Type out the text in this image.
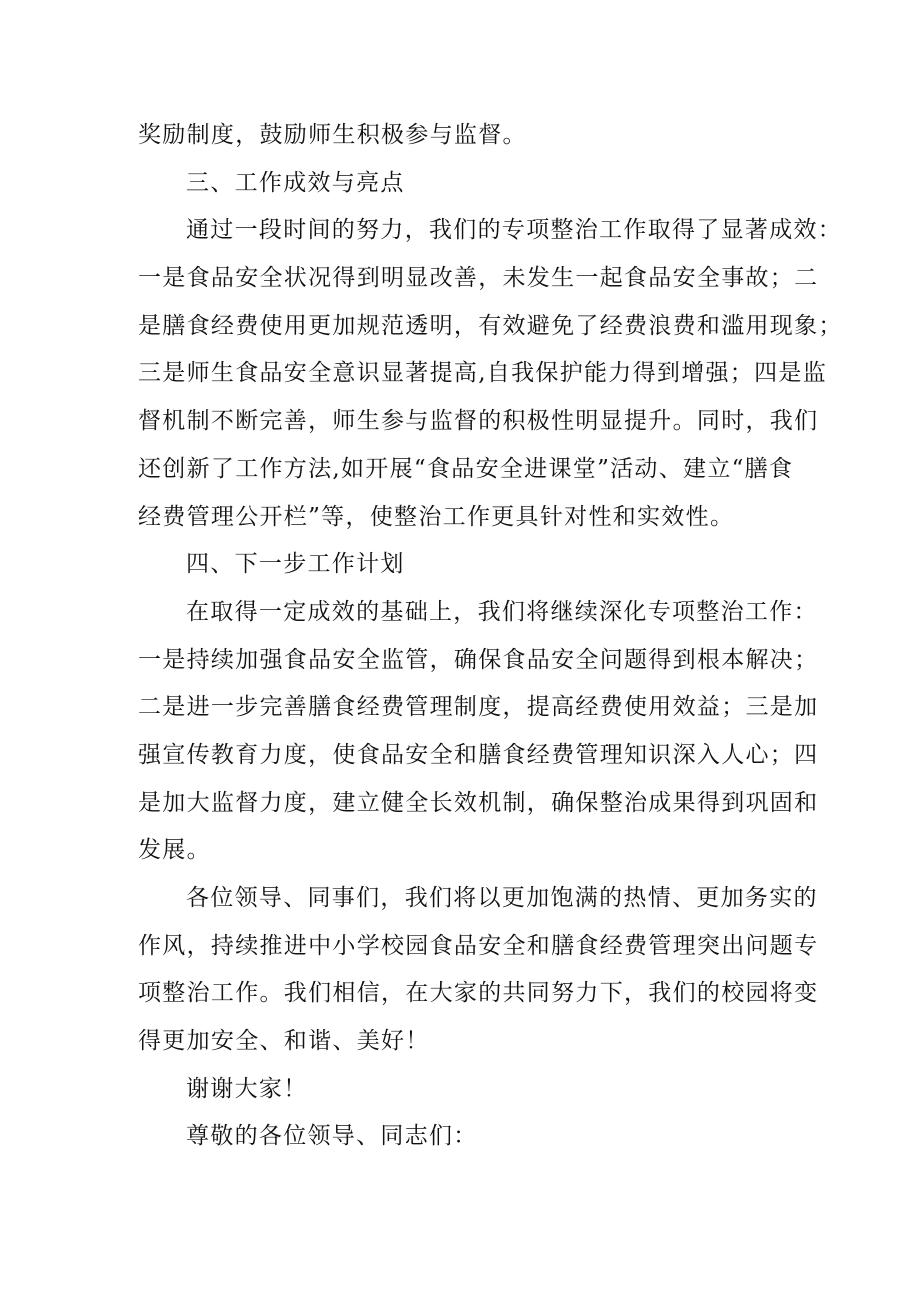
奖励制度，鼓励师生积极参与监督。
三、工作成效与亮点
通过一段时间的努力，我们的专项整治工作取得了显著成效：
一是食品安全状况得到明显改善，未发生一起食品安全事故；二
是膳食经费使用更加规范透明，有效避免了经费浪费和滥用现象；
三是师生食品安全意识显著提高,自我保护能力得到增强；四是监
督机制不断完善，师生参与监督的积极性明显提升。同时，我们
还创新了工作方法,如开展“食品安全进课堂”活动、建立“膳食
经费管理公开栏”等，使整治工作更具针对性和实效性。
四、下一步工作计划
在取得一定成效的基础上，我们将继续深化专项整治工作：
一是持续加强食品安全监管，确保食品安全问题得到根本解决；
二是进一步完善膳食经费管理制度，提高经费使用效益；三是加
强宣传教育力度，使食品安全和膳食经费管理知识深入人心；四
是加大监督力度，建立健全长效机制，确保整治成果得到巩固和
发展。
各位领导、同事们，我们将以更加饱满的热情、更加务实的
作风，持续推进中小学校园食品安全和膳食经费管理突出问题专
项整治工作。我们相信，在大家的共同努力下，我们的校园将变
得更加安全、和谐、美好！
谢谢大家！
尊敬的各位领导、同志们：
